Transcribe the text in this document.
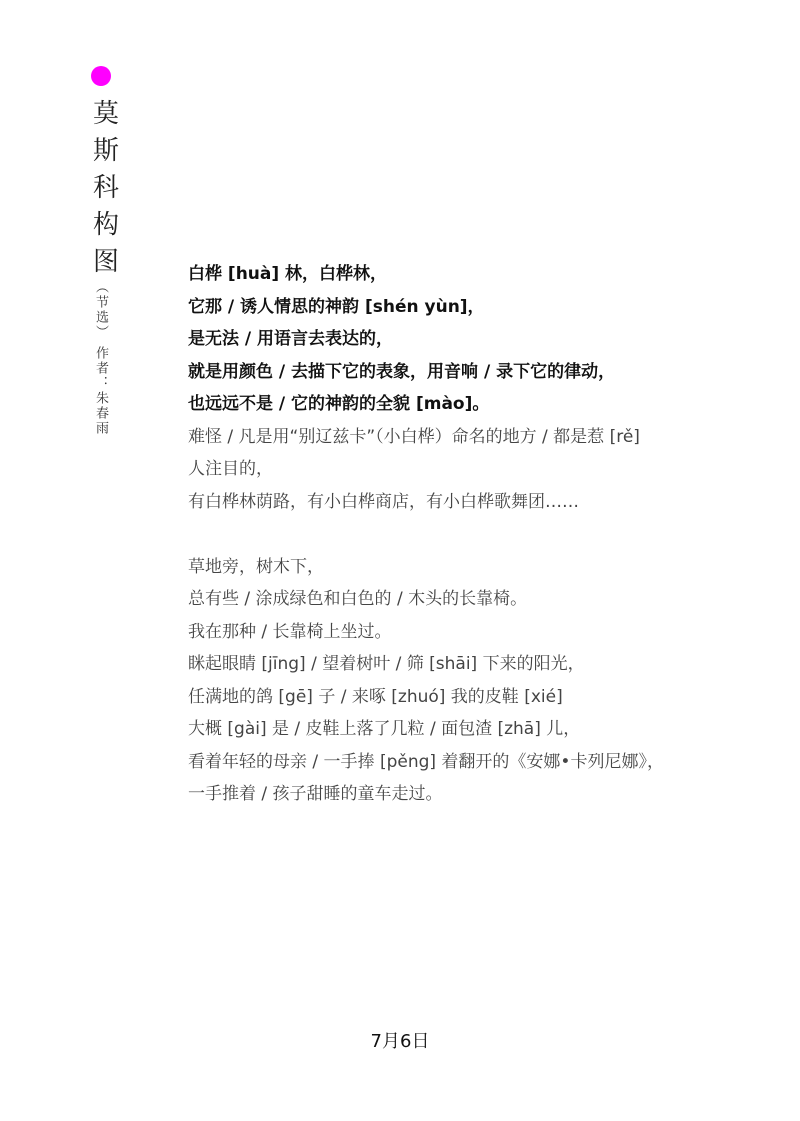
莫
斯
科
构
图
（节选）
作者：朱春雨
白桦 [huà] 林，白桦林，
它那 / 诱人情思的神韵 [shén yùn]，
是无法 / 用语言去表达的，
就是用颜色 / 去描下它的表象，用音响 / 录下它的律动，
也远远不是 / 它的神韵的全貌 [mào]。
难怪 / 凡是用“别辽兹卡”（小白桦）命名的地方 / 都是惹 [rě]
人注目的，
有白桦林荫路，有小白桦商店，有小白桦歌舞团……
草地旁，树木下，
总有些 / 涂成绿色和白色的 / 木头的长靠椅。
我在那种 / 长靠椅上坐过。
眯起眼睛 [jīng] / 望着树叶 / 筛 [shāi] 下来的阳光，
任满地的鸽 [gē] 子 / 来啄 [zhuó] 我的皮鞋 [xié]
大概 [gài] 是 / 皮鞋上落了几粒 / 面包渣 [zhā] 儿，
看着年轻的母亲 / 一手捧 [pěng] 着翻开的《安娜•卡列尼娜》，
一手推着 / 孩子甜睡的童车走过。
7月6日
